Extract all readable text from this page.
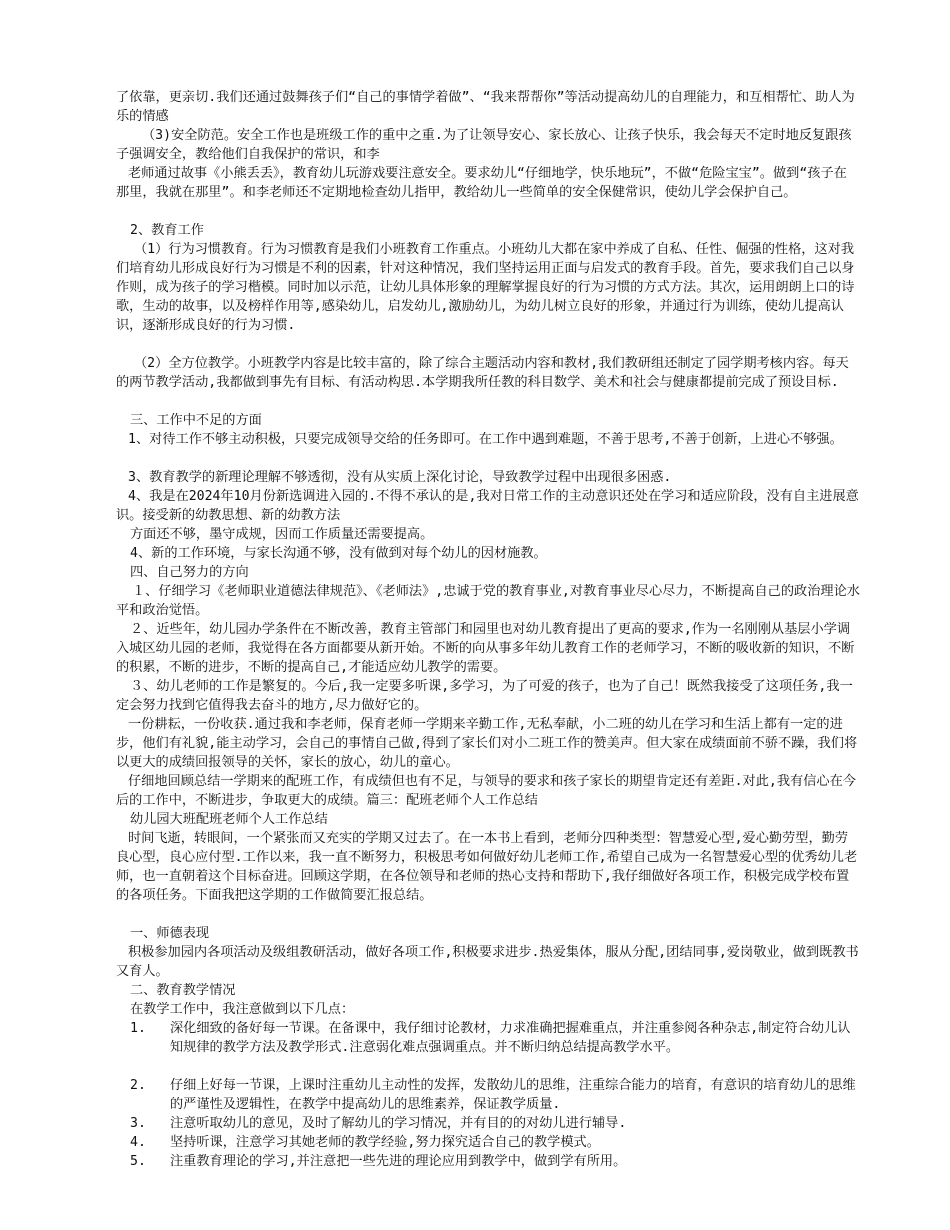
了依靠，更亲切.我们还通过鼓舞孩子们“自己的事情学着做”、“我来帮帮你”等活动提高幼儿的自理能力，和互相帮忙、助人为乐的情感

（3)安全防范。安全工作也是班级工作的重中之重.为了让领导安心、家长放心、让孩子快乐，我会每天不定时地反复跟孩子强调安全，教给他们自我保护的常识，和李

老师通过故事《小熊丢丢》，教育幼儿玩游戏要注意安全。要求幼儿“仔细地学，快乐地玩”，不做“危险宝宝”。做到“孩子在那里，我就在那里”。和李老师还不定期地检查幼儿指甲，教给幼儿一些简单的安全保健常识，使幼儿学会保护自己。

2、教育工作

（1）行为习惯教育。行为习惯教育是我们小班教育工作重点。小班幼儿大都在家中养成了自私、任性、倔强的性格，这对我们培育幼儿形成良好行为习惯是不利的因素，针对这种情况，我们坚持运用正面与启发式的教育手段。首先，要求我们自己以身作则，成为孩子的学习楷模。同时加以示范，让幼儿具体形象的理解掌握良好的行为习惯的方式方法。其次，运用朗朗上口的诗歌，生动的故事，以及榜样作用等,感染幼儿，启发幼儿,激励幼儿，为幼儿树立良好的形象，并通过行为训练，使幼儿提高认识，逐渐形成良好的行为习惯.

（2）全方位教学。小班教学内容是比较丰富的，除了综合主题活动内容和教材,我们教研组还制定了园学期考核内容。每天的两节教学活动,我都做到事先有目标、有活动构思.本学期我所任教的科目数学、美术和社会与健康都提前完成了预设目标.

三、工作中不足的方面

1、对待工作不够主动积极，只要完成领导交给的任务即可。在工作中遇到难题，不善于思考,不善于创新，上进心不够强。

3、教育教学的新理论理解不够透彻，没有从实质上深化讨论，导致教学过程中出现很多困惑.

4、我是在2024年10月份新选调进入园的.不得不承认的是,我对日常工作的主动意识还处在学习和适应阶段，没有自主进展意识。接受新的幼教思想、新的幼教方法

方面还不够，墨守成规，因而工作质量还需要提高。

4、新的工作环境，与家长沟通不够，没有做到对每个幼儿的因材施教。

四、自己努力的方向

１、仔细学习《老师职业道德法律规范》、《老师法》,忠诚于党的教育事业,对教育事业尽心尽力，不断提高自己的政治理论水平和政治觉悟。

２、近些年，幼儿园办学条件在不断改善，教育主管部门和园里也对幼儿教育提出了更高的要求,作为一名刚刚从基层小学调入城区幼儿园的老师，我觉得在各方面都要从新开始。不断的向从事多年幼儿教育工作的老师学习，不断的吸收新的知识，不断的积累，不断的进步，不断的提高自己,才能适应幼儿教学的需要。

３、幼儿老师的工作是繁复的。今后,我一定要多听课,多学习，为了可爱的孩子，也为了自己！既然我接受了这项任务,我一定会努力找到它值得我去奋斗的地方,尽力做好它的。

一份耕耘，一份收获.通过我和李老师，保育老师一学期来辛勤工作,无私奉献，小二班的幼儿在学习和生活上都有一定的进步，他们有礼貌,能主动学习，会自己的事情自己做,得到了家长们对小二班工作的赞美声。但大家在成绩面前不骄不躁，我们将以更大的成绩回报领导的关怀，家长的放心，幼儿的童心。

仔细地回顾总结一学期来的配班工作，有成绩但也有不足，与领导的要求和孩子家长的期望肯定还有差距.对此,我有信心在今后的工作中，不断进步，争取更大的成绩。篇三：配班老师个人工作总结

幼儿园大班配班老师个人工作总结

时间飞逝，转眼间，一个紧张而又充实的学期又过去了。在一本书上看到，老师分四种类型：智慧爱心型,爱心勤劳型，勤劳良心型，良心应付型.工作以来，我一直不断努力，积极思考如何做好幼儿老师工作,希望自己成为一名智慧爱心型的优秀幼儿老师，也一直朝着这个目标奋进。回顾这学期，在各位领导和老师的热心支持和帮助下,我仔细做好各项工作，积极完成学校布置的各项任务。下面我把这学期的工作做简要汇报总结。

一、师德表现

积极参加园内各项活动及级组教研活动，做好各项工作,积极要求进步.热爱集体，服从分配,团结同事,爱岗敬业，做到既教书又育人。

二、教育教学情况

在教学工作中，我注意做到以下几点：

1.	深化细致的备好每一节课。在备课中，我仔细讨论教材，力求准确把握难重点，并注重参阅各种杂志,制定符合幼儿认知规律的教学方法及教学形式.注意弱化难点强调重点。并不断归纳总结提高教学水平。
2.	仔细上好每一节课，上课时注重幼儿主动性的发挥，发散幼儿的思维，注重综合能力的培育，有意识的培育幼儿的思维的严谨性及逻辑性，在教学中提高幼儿的思维素养，保证教学质量.
3.	注意听取幼儿的意见，及时了解幼儿的学习情况，并有目的的对幼儿进行辅导.
4.	坚持听课，注意学习其她老师的教学经验,努力探究适合自己的教学模式。
5.	注重教育理论的学习,并注意把一些先进的理论应用到教学中，做到学有所用。
